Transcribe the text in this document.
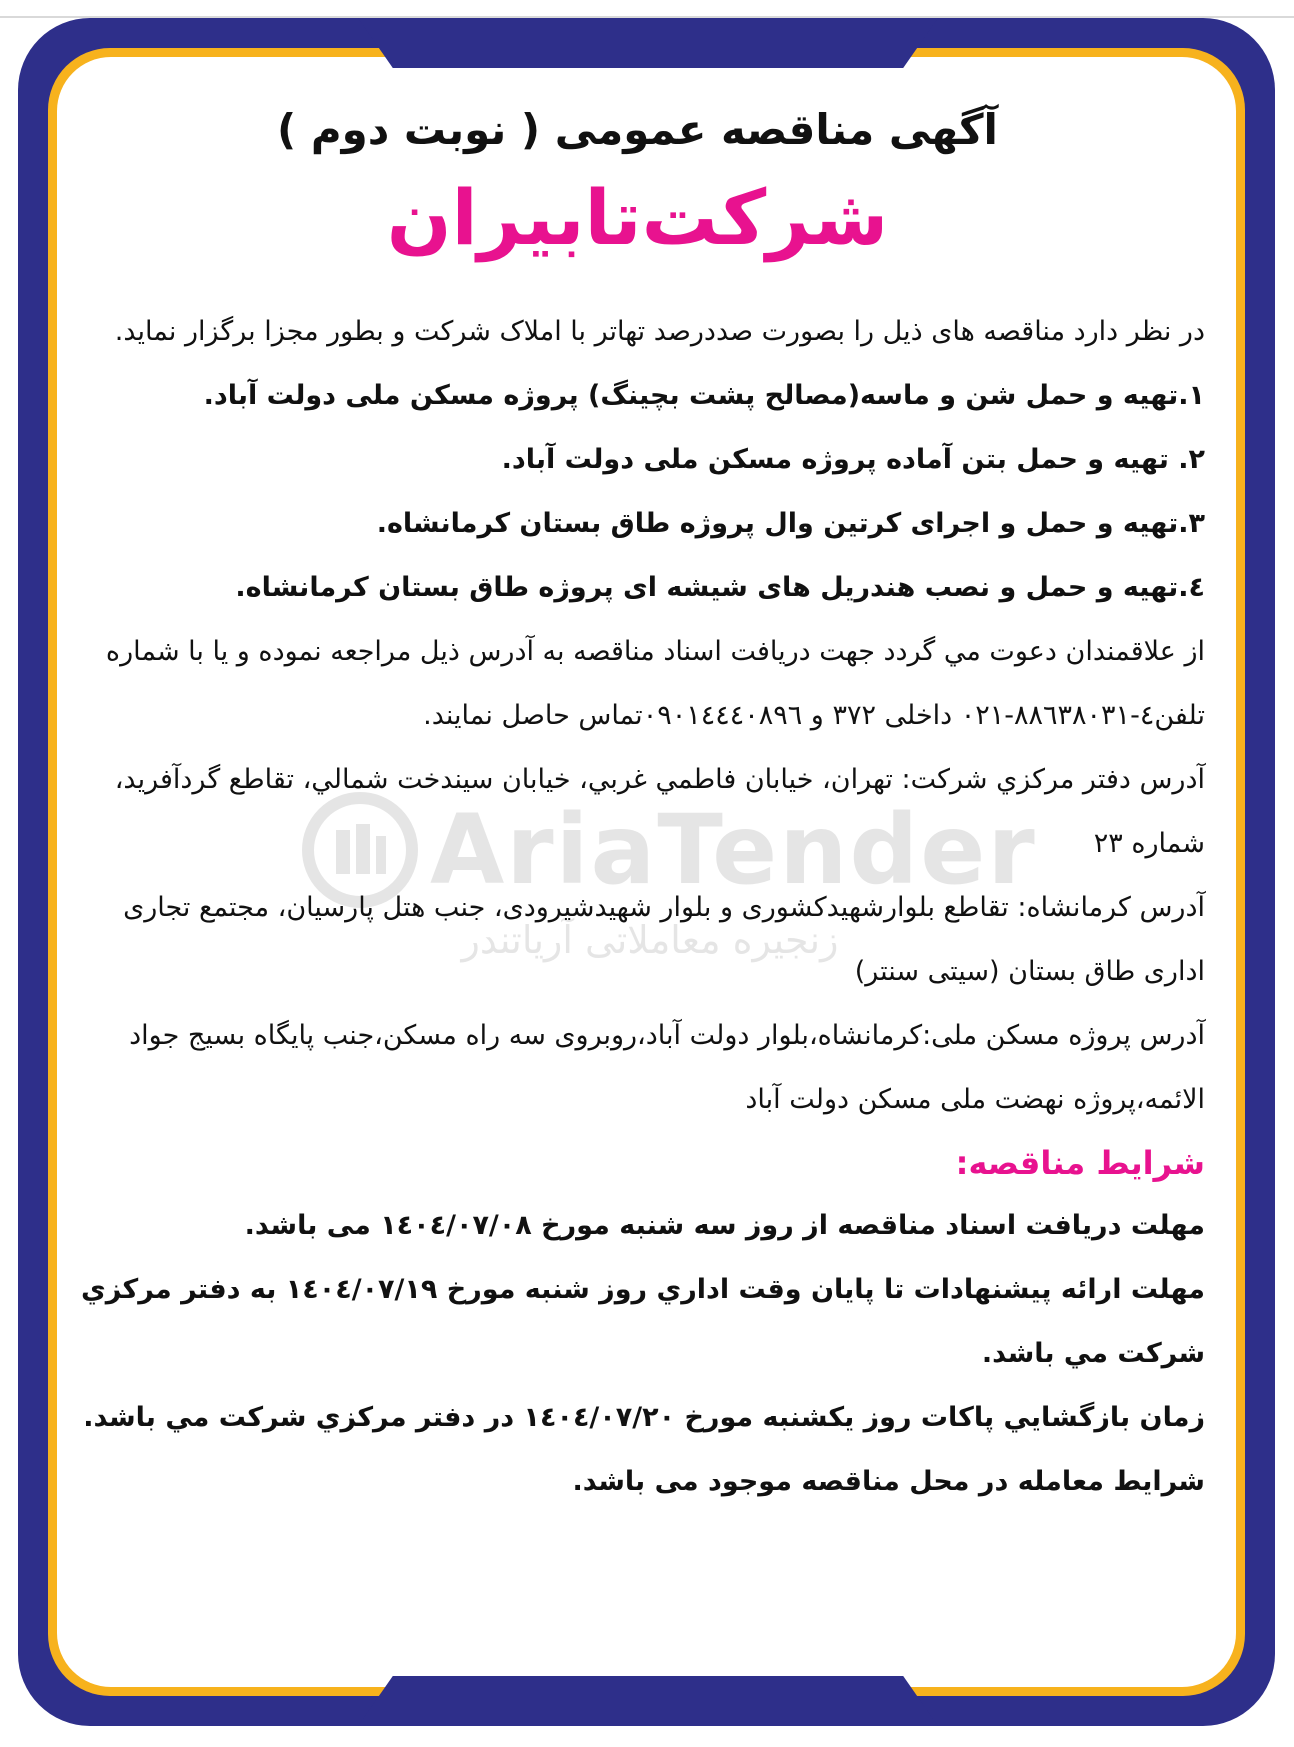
AriaTender
زنجیره معاملاتی آریاتندر
آگهی مناقصه عمومی ( نوبت دوم )
شرکت‌تابیران

در نظر دارد مناقصه های ذیل را بصورت صددرصد تهاتر با املاک شرکت و بطور مجزا برگزار نماید.

۱.تهیه و حمل شن و ماسه(مصالح پشت بچینگ) پروژه مسکن ملی دولت آباد.

۲. تهیه و حمل بتن آماده پروژه مسکن ملی دولت آباد.

۳.تهیه و حمل و اجرای کرتین وال پروژه طاق بستان کرمانشاه.

٤.تهیه و حمل و نصب هندریل های شیشه ای پروژه طاق بستان کرمانشاه.

از علاقمندان دعوت مي گردد جهت دریافت اسناد مناقصه به آدرس ذیل مراجعه نموده و یا با شماره تلفن٤-٨٨٦٣٨٠٣١-٠٢١ داخلی ٣٧٢ و ٠٩٠١٤٤٤٠٨٩٦تماس حاصل نمایند.

آدرس دفتر مرکزي شرکت: تهران، خیابان فاطمي غربي، خیابان سیندخت شمالي، تقاطع گردآفرید، شماره ٢٣

آدرس کرمانشاه: تقاطع بلوارشهیدکشوری و بلوار شهیدشیرودی، جنب هتل پارسیان، مجتمع تجاری اداری طاق بستان (سیتی سنتر)

آدرس پروژه مسکن ملی:کرمانشاه،بلوار دولت آباد،روبروی سه راه مسکن،جنب پایگاه بسیج جواد الائمه،پروژه نهضت ملی مسکن دولت آباد

شرایط مناقصه:

مهلت دریافت اسناد مناقصه از روز سه شنبه مورخ ١٤٠٤/٠٧/٠٨ می باشد.

مهلت ارائه پیشنهادات تا پایان وقت اداري روز شنبه مورخ ١٤٠٤/٠٧/١٩ به دفتر مرکزي شرکت مي باشد.

زمان بازگشايي پاكات روز یکشنبه مورخ ١٤٠٤/٠٧/٢٠ در دفتر مرکزي شرکت مي باشد.

شرایط معامله در محل مناقصه موجود می باشد.
